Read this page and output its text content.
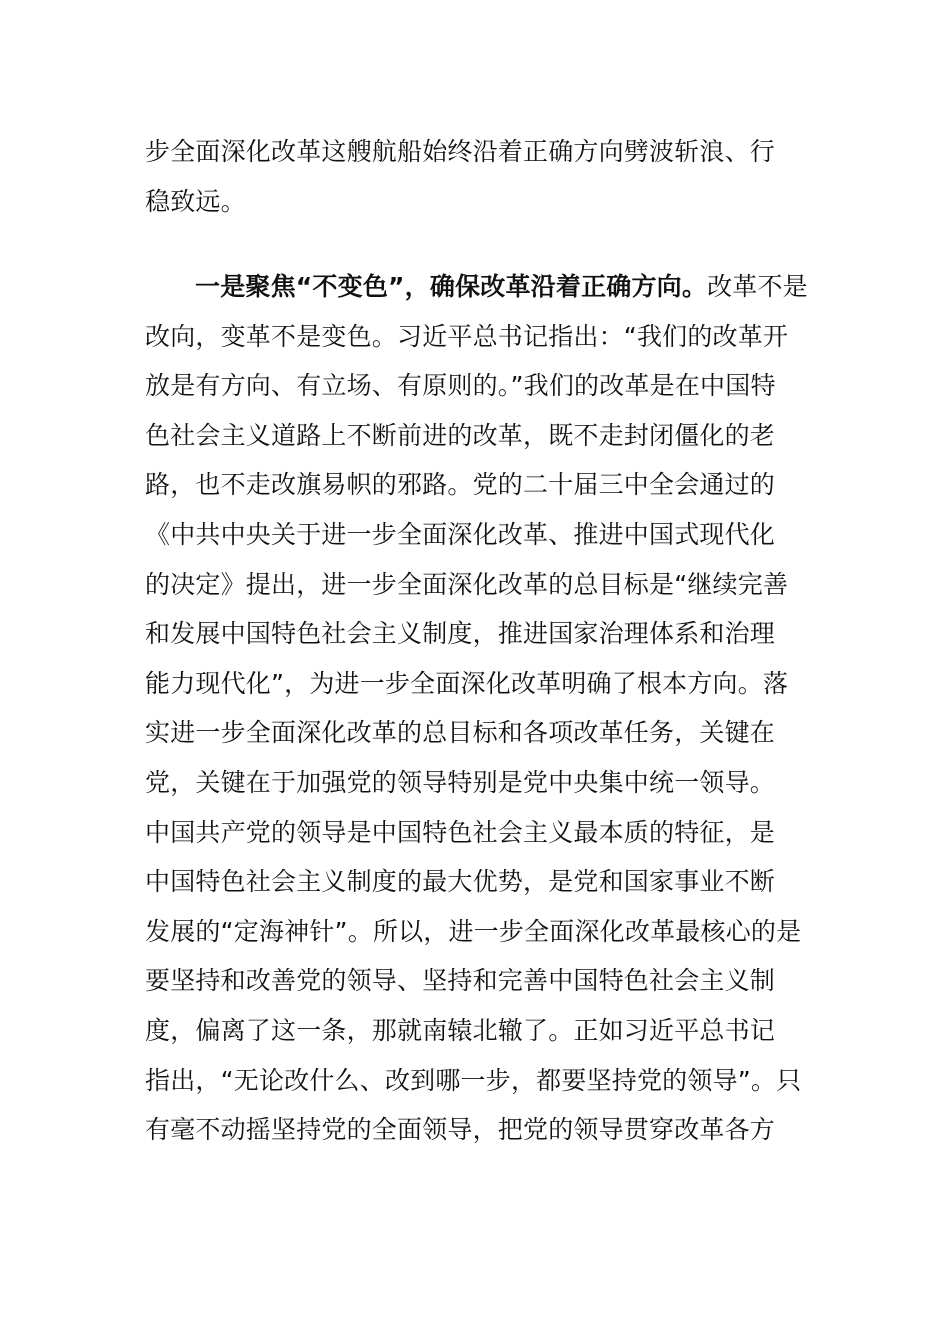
步全面深化改革这艘航船始终沿着正确方向劈波斩浪、行
稳致远。
一是聚焦“不变色”，确保改革沿着正确方向。改革不是
改向，变革不是变色。习近平总书记指出：“我们的改革开
放是有方向、有立场、有原则的。”我们的改革是在中国特
色社会主义道路上不断前进的改革，既不走封闭僵化的老
路，也不走改旗易帜的邪路。党的二十届三中全会通过的
《中共中央关于进一步全面深化改革、推进中国式现代化
的决定》提出，进一步全面深化改革的总目标是“继续完善
和发展中国特色社会主义制度，推进国家治理体系和治理
能力现代化”，为进一步全面深化改革明确了根本方向。落
实进一步全面深化改革的总目标和各项改革任务，关键在
党，关键在于加强党的领导特别是党中央集中统一领导。
中国共产党的领导是中国特色社会主义最本质的特征，是
中国特色社会主义制度的最大优势，是党和国家事业不断
发展的“定海神针”。所以，进一步全面深化改革最核心的是
要坚持和改善党的领导、坚持和完善中国特色社会主义制
度，偏离了这一条，那就南辕北辙了。正如习近平总书记
指出，“无论改什么、改到哪一步，都要坚持党的领导”。只
有毫不动摇坚持党的全面领导，把党的领导贯穿改革各方
